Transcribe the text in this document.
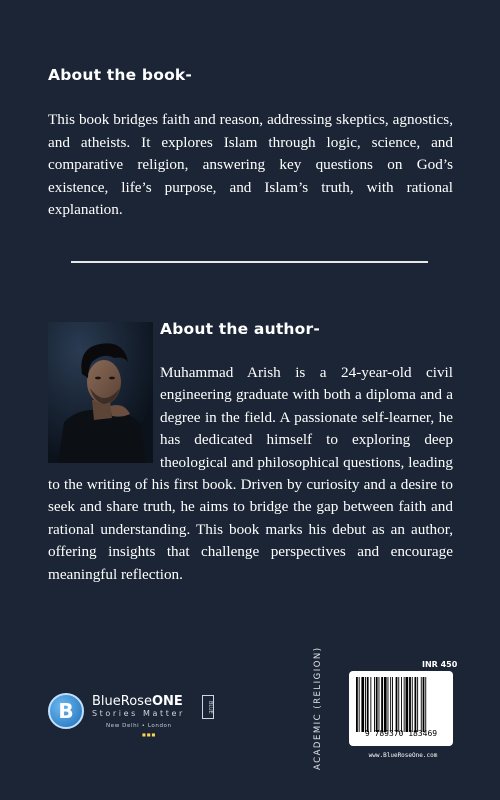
About the book-
This book bridges faith and reason, addressing skeptics, agnostics, and atheists. It explores Islam through logic, science, and comparative religion, answering key questions on God’s existence, life’s purpose, and Islam’s truth, with rational explanation.
About the author-
Muhammad Arish is a 24-year-old civil engineering graduate with both a diploma and a degree in the field. A passionate self-learner, he has dedicated himself to exploring deep theological and philosophical questions, leading to the writing of his first book. Driven by curiosity and a desire to seek and share truth, he aims to bridge the gap between faith and rational understanding. This book marks his debut as an author, offering insights that challenge perspectives and encourage meaningful reflection.
B	BlueRoseONE	BLUE
Stories Matter
New Delhi • London
■■■	ACADEMIC (RELIGION)	INR 450
9 789370 183469
www.BlueRoseOne.com
